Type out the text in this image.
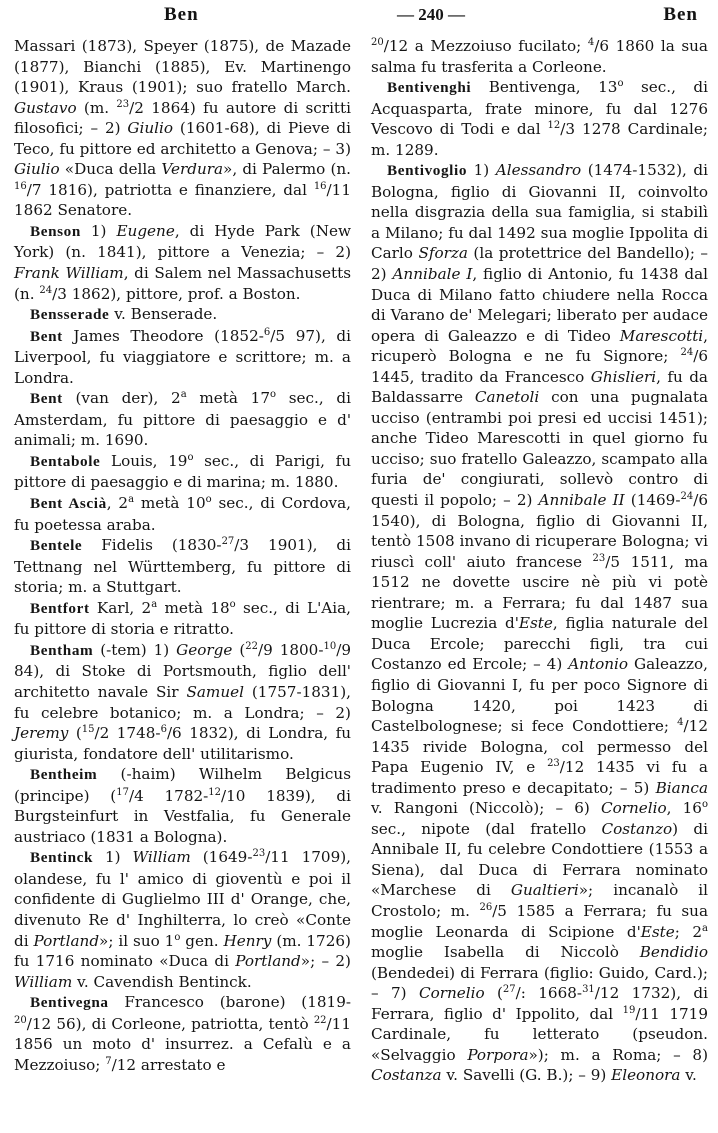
Ben	— 240 —	Ben

Massari (1873), Speyer (1875), de Mazade (1877), Bianchi (1885), Ev. Martinengo (1901), Kraus (1901); suo fratello March. Gustavo (m. $^{23}$/2 1864) fu autore di scritti filosofici; – 2) Giulio (1601-68), di Pieve di Teco, fu pittore ed architetto a Genova; – 3) Giulio «Duca della Verdura», di Palermo (n. $^{16}$/7 1816), patriotta e finanziere, dal $^{16}$/11 1862 Senatore.

Benson 1) Eugene, di Hyde Park (New York) (n. 1841), pittore a Venezia; – 2) Frank William, di Salem nel Massachusetts (n. $^{24}$/3 1862), pittore, prof. a Boston.

Bensserade v. Benserade.

Bent James Theodore (1852-$^6$/5 97), di Liverpool, fu viaggiatore e scrittore; m. a Londra.

Bent (van der), 2$^a$ metà 17$^o$ sec., di Amsterdam, fu pittore di paesaggio e d' animali; m. 1690.

Bentabole Louis, 19$^o$ sec., di Parigi, fu pittore di paesaggio e di marina; m. 1880.

Bent Ascià, 2$^a$ metà 10$^o$ sec., di Cordova, fu poetessa araba.

Bentele Fidelis (1830-$^{27}$/3 1901), di Tettnang nel Württemberg, fu pittore di storia; m. a Stuttgart.

Bentfort Karl, 2$^a$ metà 18$^o$ sec., di L'Aia, fu pittore di storia e ritratto.

Bentham (-tem) 1) George ($^{22}$/9 1800-$^{10}$/9 84), di Stoke di Portsmouth, figlio dell' architetto navale Sir Samuel (1757-1831), fu celebre botanico; m. a Londra; – 2) Jeremy ($^{15}$/2 1748-$^6$/6 1832), di Londra, fu giurista, fondatore dell' utilitarismo.

Bentheim (-haim) Wilhelm Belgicus (principe) ($^{17}$/4 1782-$^{12}$/10 1839), di Burgsteinfurt in Vestfalia, fu Generale austriaco (1831 a Bologna).

Bentinck 1) William (1649-$^{23}$/11 1709), olandese, fu l' amico di gioventù e poi il confidente di Guglielmo III d' Orange, che, divenuto Re d' Inghilterra, lo creò «Conte di Portland»; il suo 1$^o$ gen. Henry (m. 1726) fu 1716 nominato «Duca di Portland»; – 2) William v. Cavendish Bentinck.

Bentivegna Francesco (barone) (1819-$^{20}$/12 56), di Corleone, patriotta, tentò $^{22}$/11 1856 un moto d' insurrez. a Cefalù e a Mezzoiuso; $^7$/12 arrestato e

$^{20}$/12 a Mezzoiuso fucilato; $^4$/6 1860 la sua salma fu trasferita a Corleone.

Bentivenghi Bentivenga, 13$^o$ sec., di Acquasparta, frate minore, fu dal 1276 Vescovo di Todi e dal $^{12}$/3 1278 Cardinale; m. 1289.

Bentivoglio 1) Alessandro (1474-1532), di Bologna, figlio di Giovanni II, coinvolto nella disgrazia della sua famiglia, si stabilì a Milano; fu dal 1492 sua moglie Ippolita di Carlo Sforza (la protettrice del Bandello); – 2) Annibale I, figlio di Antonio, fu 1438 dal Duca di Milano fatto chiudere nella Rocca di Varano de' Melegari; liberato per audace opera di Galeazzo e di Tideo Marescotti, ricuperò Bologna e ne fu Signore; $^{24}$/6 1445, tradito da Francesco Ghislieri, fu da Baldassarre Canetoli con una pugnalata ucciso (entrambi poi presi ed uccisi 1451); anche Tideo Marescotti in quel giorno fu ucciso; suo fratello Galeazzo, scampato alla furia de' congiurati, sollevò contro di questi il popolo; – 2) Annibale II (1469-$^{24}$/6 1540), di Bologna, figlio di Giovanni II, tentò 1508 invano di ricuperare Bologna; vi riuscì coll' aiuto francese $^{23}$/5 1511, ma 1512 ne dovette uscire nè più vi potè rientrare; m. a Ferrara; fu dal 1487 sua moglie Lucrezia d'Este, figlia naturale del Duca Ercole; parecchi figli, tra cui Costanzo ed Ercole; – 4) Antonio Galeazzo, figlio di Giovanni I, fu per poco Signore di Bologna 1420, poi 1423 di Castelbolognese; si fece Condottiere; $^4$/12 1435 rivide Bologna, col permesso del Papa Eugenio IV, e $^{23}$/12 1435 vi fu a tradimento preso e decapitato; – 5) Bianca v. Rangoni (Niccolò); – 6) Cornelio, 16$^o$ sec., nipote (dal fratello Costanzo) di Annibale II, fu celebre Condottiere (1553 a Siena), dal Duca di Ferrara nominato «Marchese di Gualtieri»; incanalò il Crostolo; m. $^{26}$/5 1585 a Ferrara; fu sua moglie Leonarda di Scipione d'Este; 2$^a$ moglie Isabella di Niccolò Bendidio (Bendedei) di Ferrara (figlio: Guido, Card.); – 7) Cornelio ($^{27}$/: 1668-$^{31}$/12 1732), di Ferrara, figlio d' Ippolito, dal $^{19}$/11 1719 Cardinale, fu letterato (pseudon. «Selvaggio Porpora»); m. a Roma; – 8) Costanza v. Savelli (G. B.); – 9) Eleonora v.
